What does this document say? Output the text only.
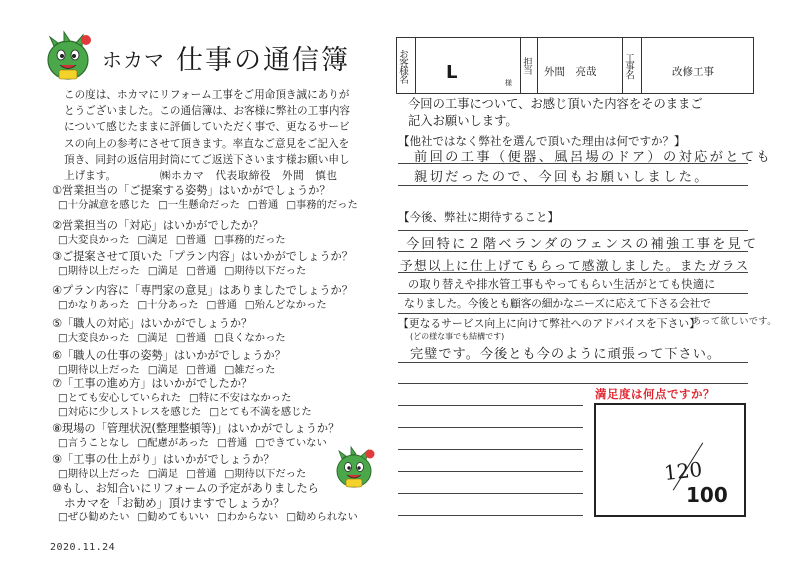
ホカマ 仕事の通信簿
この度は、ホカマにリフォーム工事をご用命頂き誠にありが
とうございました。この通信簿は、お客様に弊社の工事内容
について感じたままに評価していただく事で、更なるサービ
スの向上の参考にさせて頂きます。率直なご意見をご記入を
頂き、同封の返信用封筒にてご返送下さいます様お願い申し
上げます。	㈱ホカマ　代表取締役　外間　慎也
①営業担当の「ご提案する姿勢」はいかがでしょうか？
□ 十分誠意を感じた □ 一生懸命だった □ 普通 □ 事務的だった
②営業担当の「対応」はいかがでしたか？
□ 大変良かった □ 満足 □ 普通 □ 事務的だった
③ご提案させて頂いた「プラン内容」はいかがでしょうか？
□ 期待以上だった □ 満足 □ 普通 □ 期待以下だった
④プラン内容に「専門家の意見」はありましたでしょうか？
□ かなりあった □ 十分あった □ 普通 □ 殆んどなかった
⑤「職人の対応」はいかがでしょうか？
□ 大変良かった □ 満足 □ 普通 □ 良くなかった
⑥「職人の仕事の姿勢」はいかがでしょうか？
□ 期待以上だった □ 満足 □ 普通 □ 雑だった
⑦「工事の進め方」はいかがでしたか？
□ とても安心していられた □ 特に不安はなかった
□ 対応に少しストレスを感じた □ とても不満を感じた
⑧現場の「管理状況(整理整頓等)」はいかがでしょうか？
□ 言うことなし □ 配慮があった □ 普通 □ できていない
⑨「工事の仕上がり」はいかがでしょうか？
□ 期待以上だった □ 満足 □ 普通 □ 期待以下だった
⑩もし、お知合いにリフォームの予定がありましたら
ホカマを「お勧め」頂けますでしょうか？
□ ぜひ勧めたい □ 勧めてもいい □ わからない □ 勧められない
2020.11.24
お客様名 L	様
担当 外間　亮哉	工事名	改修工事
今回の工事について、お感じ頂いた内容をそのままご
記入お願いします。
【他社ではなく弊社を選んで頂いた理由は何ですか？】
前回の工事（便器、風呂場のドア）の対応がとても
親切だったので、今回もお願いしました。
【今後、弊社に期待すること】
今回特に２階ベランダのフェンスの補強工事を見て
予想以上に仕上げてもらって感激しました。またガラス
の取り替えや排水管工事もやってもらい生活がとても快適に
なりました。今後とも顧客の細かなニーズに応えて下さる会社で
【更なるサービス向上に向けて弊社へのアドバイスを下さい】
あって欲しいです。
(どの様な事でも結構です)
完璧です。今後とも今のように頑張って下さい。
満足度は何点ですか？
120
100
